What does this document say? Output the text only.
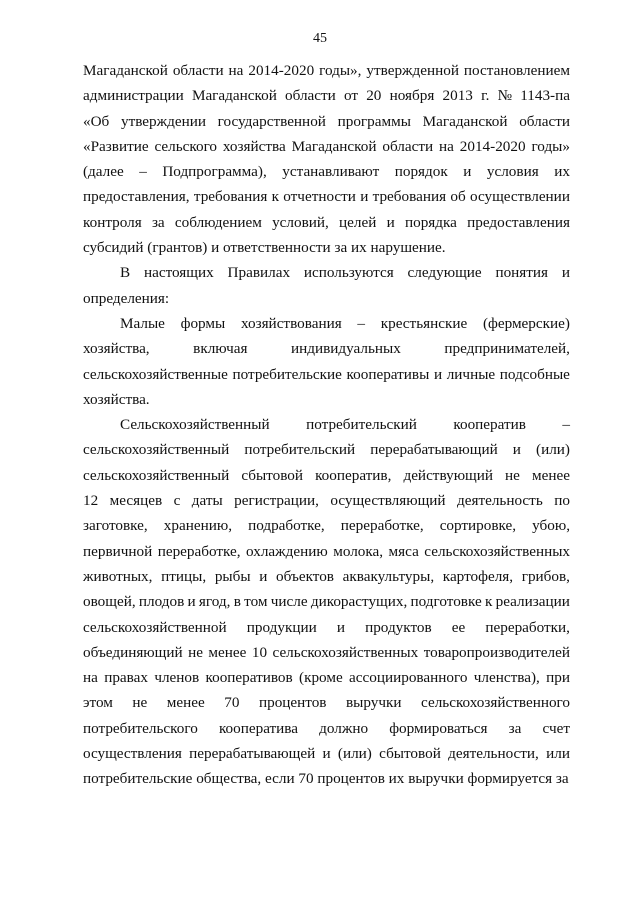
45
Магаданской области на 2014-2020 годы», утвержденной постановлением
администрации Магаданской области от 20 ноября 2013 г. № 1143-па
«Об утверждении государственной программы Магаданской области
«Развитие сельского хозяйства Магаданской области на 2014-2020 годы»
(далее – Подпрограмма), устанавливают порядок и условия их
предоставления, требования к отчетности и требования об осуществлении
контроля за соблюдением условий, целей и порядка предоставления
субсидий (грантов) и ответственности за их нарушение.
В настоящих Правилах используются следующие понятия и
определения:
Малые формы хозяйствования – крестьянские (фермерские)
хозяйства,	включая	индивидуальных	предпринимателей,
сельскохозяйственные потребительские кооперативы и личные подсобные
хозяйства.
Сельскохозяйственный потребительский кооператив –
сельскохозяйственный потребительский перерабатывающий и (или)
сельскохозяйственный сбытовой кооператив, действующий не менее
12 месяцев с даты регистрации, осуществляющий деятельность по
заготовке, хранению, подработке, переработке, сортировке, убою,
первичной переработке, охлаждению молока, мяса сельскохозяйственных
животных, птицы, рыбы и объектов аквакультуры, картофеля, грибов,
овощей, плодов и ягод, в том числе дикорастущих, подготовке к реализации
сельскохозяйственной продукции и продуктов ее переработки,
объединяющий не менее 10 сельскохозяйственных товаропроизводителей
на правах членов кооперативов (кроме ассоциированного членства), при
этом не менее 70 процентов выручки сельскохозяйственного
потребительского кооператива должно формироваться за счет
осуществления перерабатывающей и (или) сбытовой деятельности, или
потребительские общества, если 70 процентов их выручки формируется за
